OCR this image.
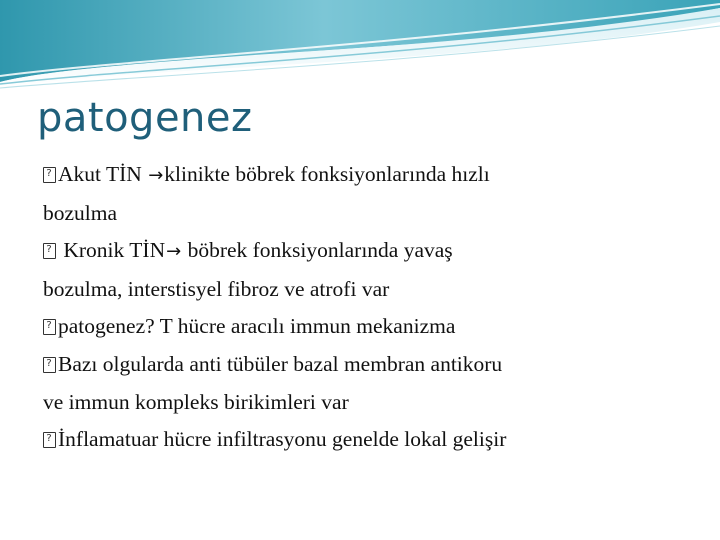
patogenez

?Akut TİN →klinikte böbrek fonksiyonlarında hızlı
bozulma

? Kronik TİN→ böbrek fonksiyonlarında yavaş
bozulma, interstisyel fibroz ve atrofi var

?patogenez? T hücre aracılı immun mekanizma

?Bazı olgularda anti tübüler bazal membran antikoru
ve immun kompleks birikimleri var

?İnflamatuar hücre infiltrasyonu genelde lokal gelişir
